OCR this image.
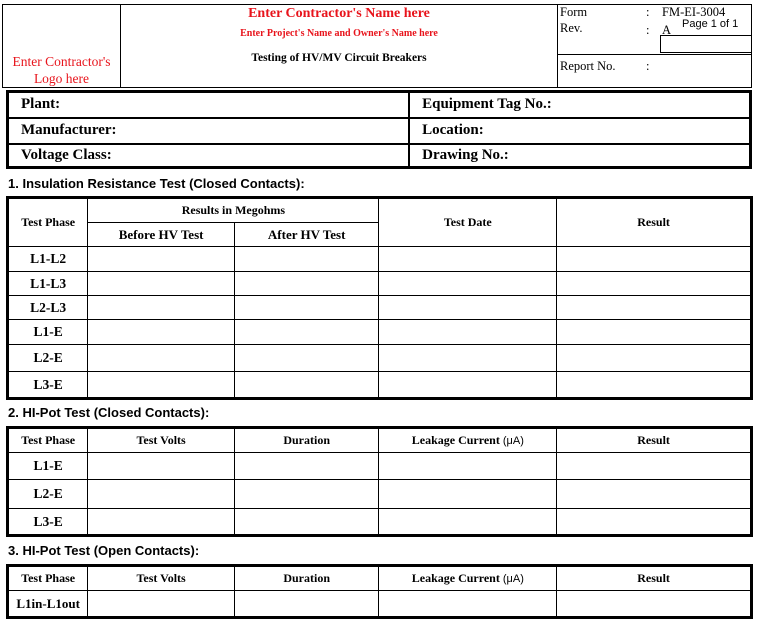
Enter Contractor's Logo here

Enter Contractor's Name here
Enter Project's Name and Owner's Name here
Testing of HV/MV Circuit Breakers

Form	: FM-EI-3004
Rev.	: A Page 1 of 1
Report No. :
Plant:	Equipment Tag No.:
Manufacturer:	Location:
Voltage Class:	Drawing No.:
1. Insulation Resistance Test (Closed Contacts):
Test Phase	Results in Megohms		Test Date	Result
	Before HV Test	After HV Test		
L1-L2				
L1-L3				
L2-L3				
L1-E				
L2-E				
L3-E				
2. HI-Pot Test (Closed Contacts):
Test Phase	Test Volts	Duration	Leakage Current (μA)	Result
L1-E				
L2-E				
L3-E				
3. HI-Pot Test (Open Contacts):
Test Phase	Test Volts	Duration	Leakage Current (μA)	Result
L1in-L1out				
